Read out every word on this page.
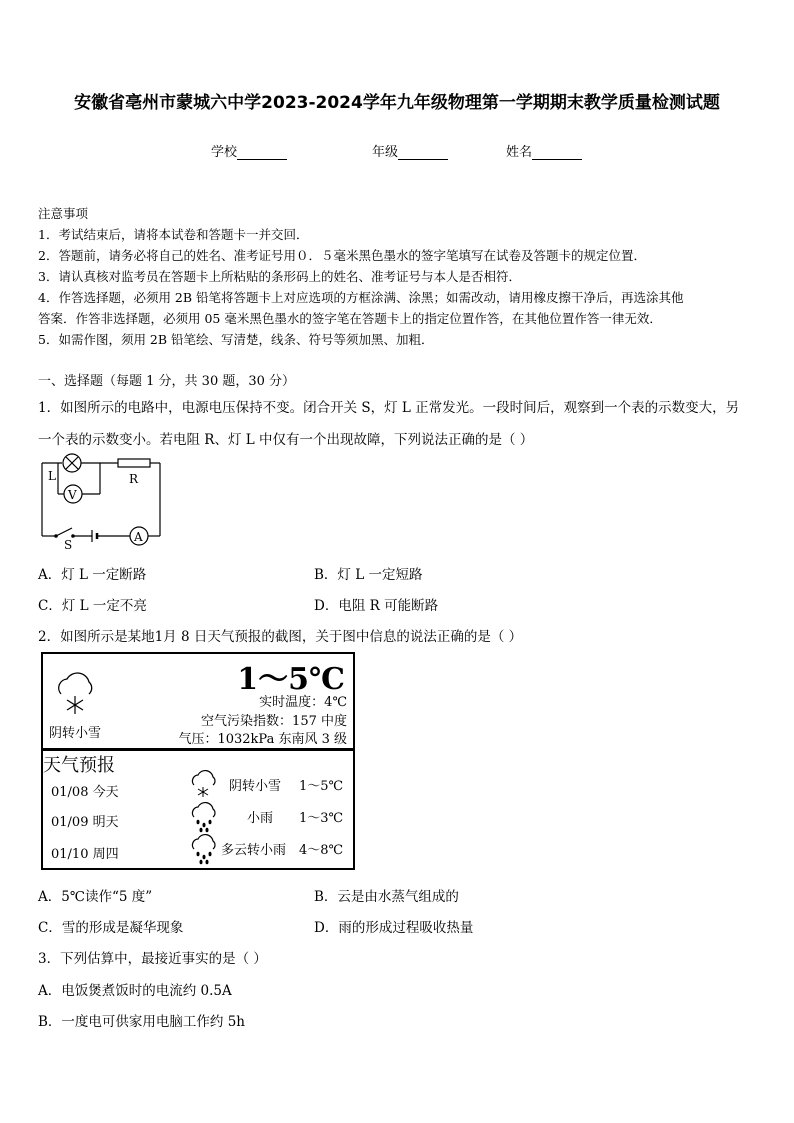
安徽省亳州市蒙城六中学2023-2024学年九年级物理第一学期期末教学质量检测试题
学校	年级	姓名
注意事项
1．考试结束后，请将本试卷和答题卡一并交回．
2．答题前，请务必将自己的姓名、准考证号用０．５毫米黑色墨水的签字笔填写在试卷及答题卡的规定位置．
3．请认真核对监考员在答题卡上所粘贴的条形码上的姓名、准考证号与本人是否相符．
4．作答选择题，必须用 2B 铅笔将答题卡上对应选项的方框涂满、涂黑；如需改动，请用橡皮擦干净后，再选涂其他
答案．作答非选择题，必须用 05 毫米黑色墨水的签字笔在答题卡上的指定位置作答，在其他位置作答一律无效．
5．如需作图，须用 2B 铅笔绘、写清楚，线条、符号等须加黑、加粗．
一、选择题（每题 1 分，共 30 题，30 分）
1．如图所示的电路中，电源电压保持不变。闭合开关 S，灯 L 正常发光。一段时间后，观察到一个表的示数变大，另
一个表的示数变小。若电阻 R、灯 L 中仅有一个出现故障，下列说法正确的是（ ）
L	R
V
A
S
A．灯 L 一定断路	B．灯 L 一定短路
C．灯 L 一定不亮	D．电阻 R 可能断路
2．如图所示是某地1月 8 日天气预报的截图，关于图中信息的说法正确的是（ ）
1～5℃
实时温度：4℃
空气污染指数：157 中度
气压：1032kPa 东南风 3 级
阴转小雪
天气预报
01/08 今天	阴转小雪 1～5℃
01/09 明天	小雨 1～3℃
01/10 周四	多云转小雨 4～8℃
A．5℃读作“5 度”	B．云是由水蒸气组成的
C．雪的形成是凝华现象	D．雨的形成过程吸收热量
3．下列估算中，最接近事实的是（ ）
A．电饭煲煮饭时的电流约 0.5A
B．一度电可供家用电脑工作约 5h
